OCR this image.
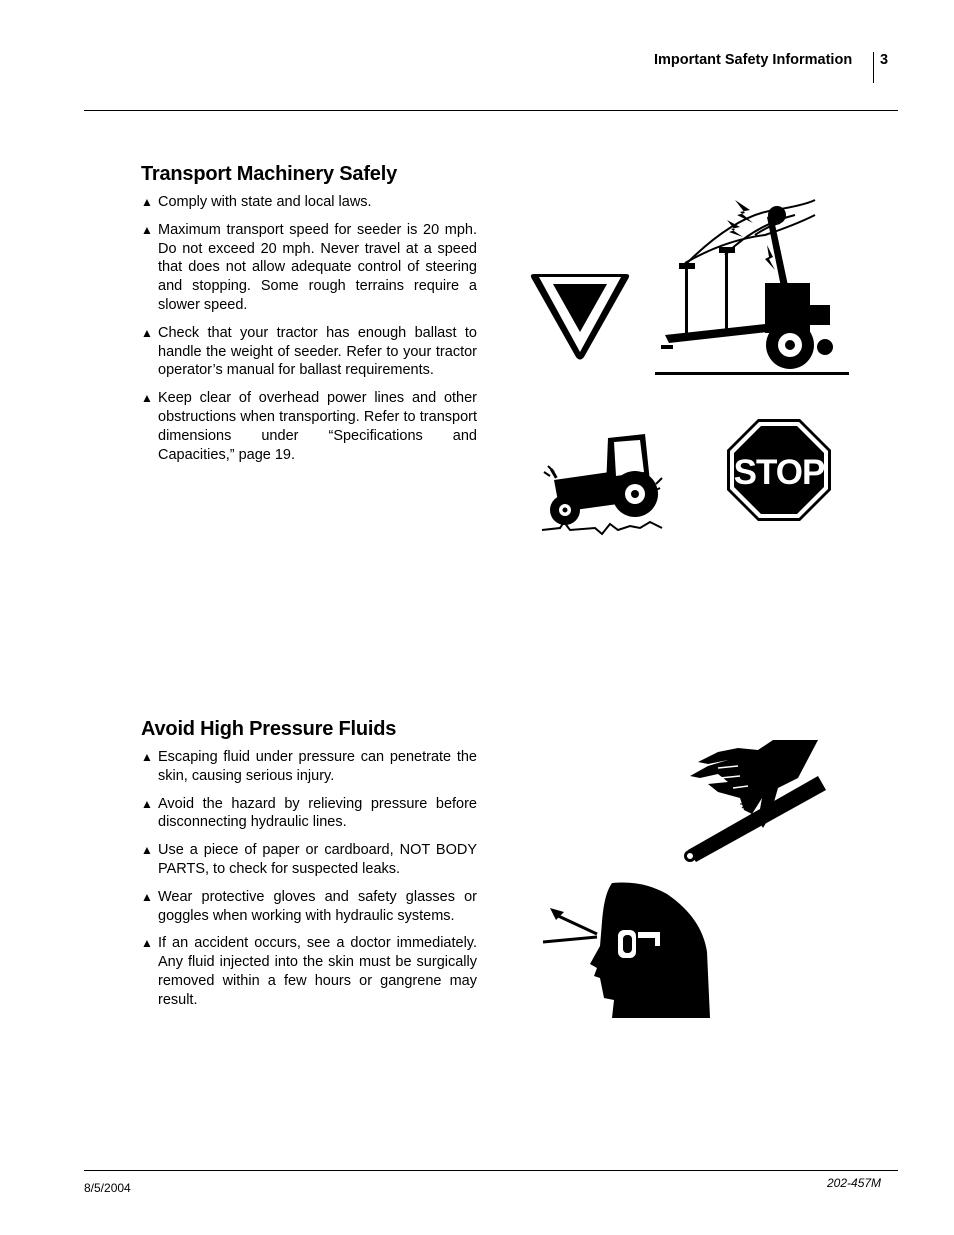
Important Safety Information 3
Transport Machinery Safely
▲ Comply with state and local laws.
▲ Maximum transport speed for seeder is 20 mph. Do not exceed 20 mph. Never travel at a speed that does not allow adequate control of steering and stopping. Some rough terrains require a slower speed.
▲ Check that your tractor has enough ballast to handle the weight of seeder. Refer to your tractor operator’s manual for ballast requirements.
▲ Keep clear of overhead power lines and other obstructions when transporting. Refer to transport dimensions under “Specifications and Capacities,” page 19.
Avoid High Pressure Fluids
▲ Escaping fluid under pressure can penetrate the skin, causing serious injury.
▲ Avoid the hazard by relieving pressure before disconnecting hydraulic lines.
▲ Use a piece of paper or cardboard, NOT BODY PARTS, to check for suspected leaks.
▲ Wear protective gloves and safety glasses or goggles when working with hydraulic systems.
▲ If an accident occurs, see a doctor immediately. Any fluid injected into the skin must be surgically removed within a few hours or gangrene may result.
STOP
8/5/2004	202-457M
